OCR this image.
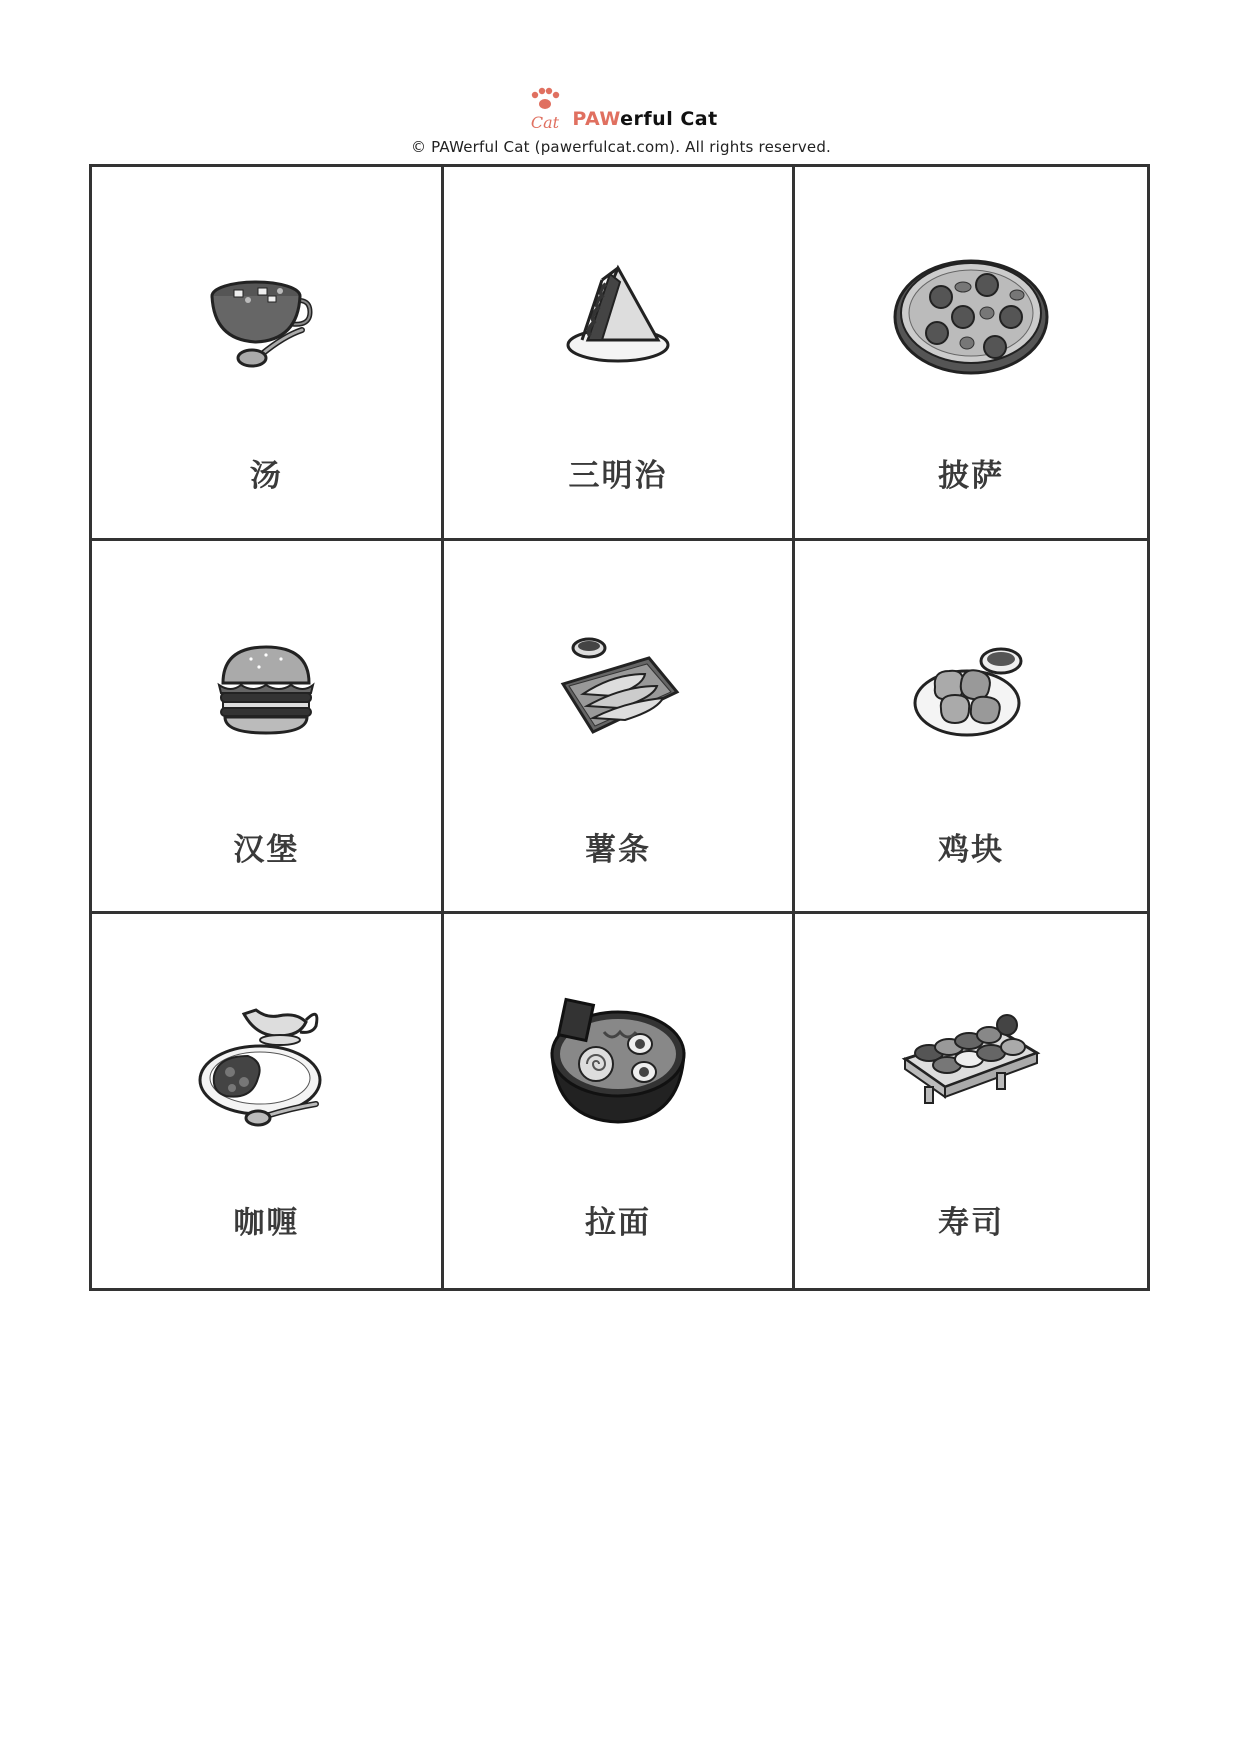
Cat PAWerful Cat
© PAWerful Cat (pawerfulcat.com). All rights reserved.
汤	三明治	披萨
汉堡	薯条	鸡块
咖喱	拉面	寿司
